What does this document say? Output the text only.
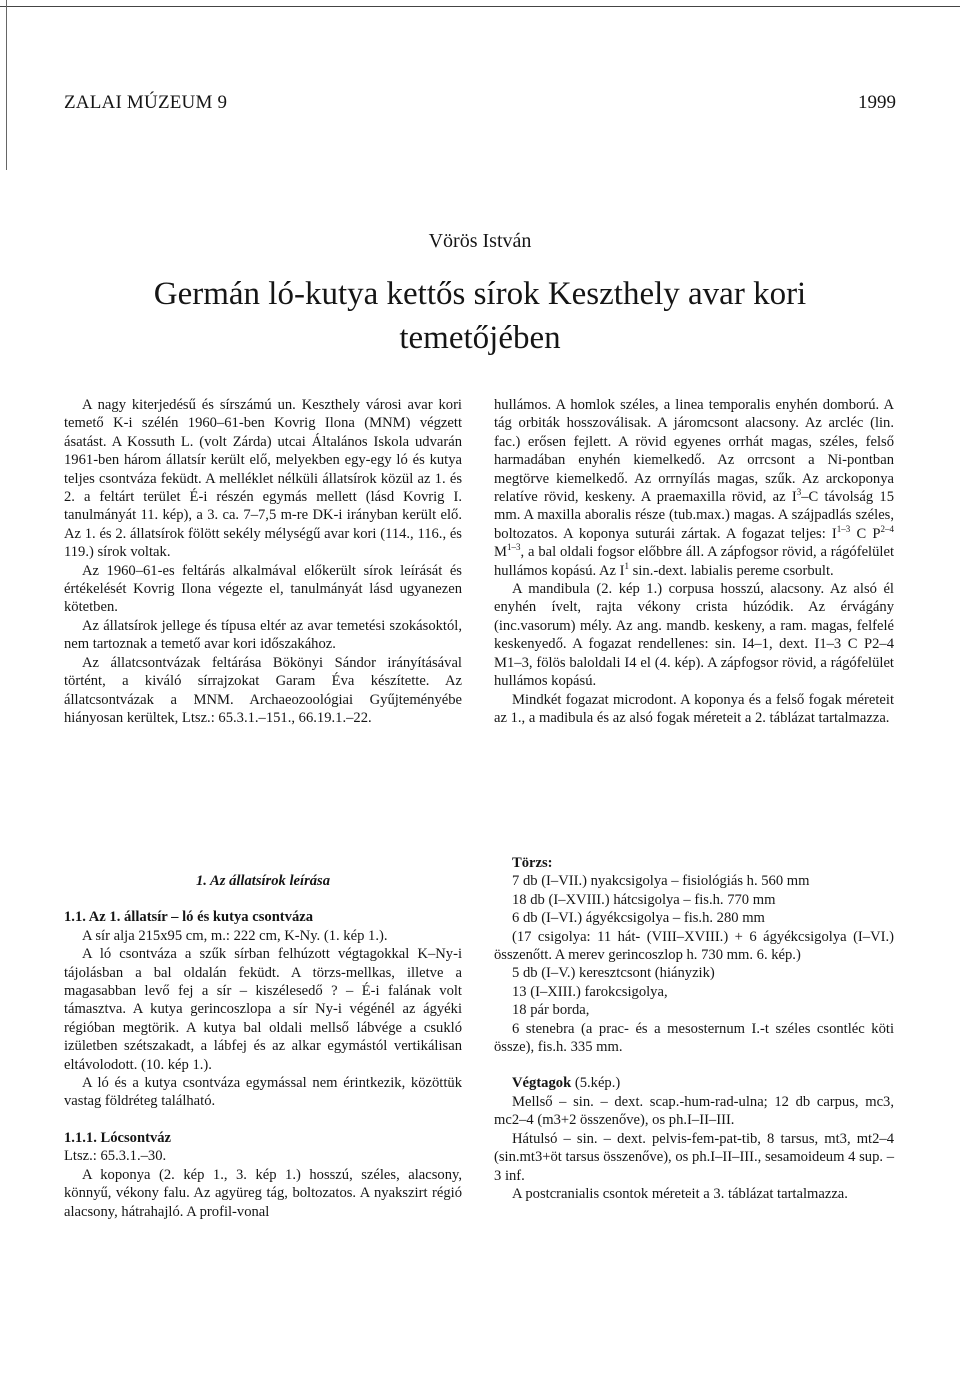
ZALAI MÚZEUM 9	1999
Vörös István
Germán ló-kutya kettős sírok Keszthely avar kori
temetőjében

A nagy kiterjedésű és sírszámú un. Keszthely városi avar kori temető K-i szélén 1960–61-ben Kovrig Ilona (MNM) végzett ásatást. A Kossuth L. (volt Zárda) utcai Általános Iskola udvarán 1961-ben három állatsír került elő, melyekben egy-egy ló és kutya teljes csontváza feküdt. A melléklet nélküli állatsírok közül az 1. és 2. a feltárt terület É-i részén egymás mellett (lásd Kovrig I. tanulmányát 11. kép), a 3. ca. 7–7,5 m-re DK-i irányban került elő. Az 1. és 2. állatsírok fölött sekély mélységű avar kori (114., 116., és 119.) sírok voltak.

Az 1960–61-es feltárás alkalmával előkerült sírok leírását és értékelését Kovrig Ilona végezte el, tanulmányát lásd ugyanezen kötetben.

Az állatsírok jellege és típusa eltér az avar temetési szokásoktól, nem tartoznak a temető avar kori időszakához.

Az állatcsontvázak feltárása Bökönyi Sándor irányításával történt, a kiváló sírrajzokat Garam Éva készítette. Az állatcsontvázak a MNM. Archaeozoológiai Gyűjteményébe hiányosan kerültek, Ltsz.: 65.3.1.–151., 66.19.1.–22.

1. Az állatsírok leírása

1.1. Az 1. állatsír – ló és kutya csontváza

A sír alja 215x95 cm, m.: 222 cm, K-Ny. (1. kép 1.).

A ló csontváza a szűk sírban felhúzott végtagokkal K–Ny-i tájolásban a bal oldalán feküdt. A törzs-mellkas, illetve a magasabban levő fej a sír – kiszélesedő ? – É-i falának volt támasztva. A kutya gerincoszlopa a sír Ny-i végénél az ágyéki régióban megtörik. A kutya bal oldali mellső lábvége a csukló izületben szétszakadt, a lábfej és az alkar egymástól vertikálisan eltávolodott. (10. kép 1.).

A ló és a kutya csontváza egymással nem érintkezik, közöttük vastag földréteg található.

1.1.1. Lócsontváz

Ltsz.: 65.3.1.–30.

A koponya (2. kép 1., 3. kép 1.) hosszú, széles, alacsony, könnyű, vékony falu. Az agyüreg tág, boltozatos. A nyakszirt régió alacsony, hátrahajló. A profil-vonal

hullámos. A homlok széles, a linea temporalis enyhén domború. A tág orbiták hosszoválisak. A járomcsont alacsony. Az arcléc (lin. fac.) erősen fejlett. A rövid egyenes orrhát magas, széles, felső harmadában enyhén kiemelkedő. Az orrcsont a Ni-pontban megtörve kiemelkedő. Az orrnyílás magas, szűk. Az arckoponya relatíve rövid, keskeny. A praemaxilla rövid, az $I^3-C$ távolság 15 mm. A maxilla aboralis része (tub.max.) magas. A szájpadlás széles, boltozatos. A koponya suturái zártak. A fogazat teljes: $I^{1-3}$ C $P^{2-4}$ $M^{1-3}$, a bal oldali fogsor előbbre áll. A zápfogsor rövid, a rágófelület hullámos kopású. Az $I^1$ sin.-dext. labialis pereme csorbult.

A mandibula (2. kép 1.) corpusa hosszú, alacsony. Az alsó él enyhén ívelt, rajta vékony crista húzódik. Az érvágány (inc.vasorum) mély. Az ang. mandb. keskeny, a ram. magas, felfelé keskenyedő. A fogazat rendellenes: sin. I4–1, dext. I1–3 C P2–4 M1–3, fölös baloldali I4 el (4. kép). A zápfogsor rövid, a rágófelület hullámos kopású.

Mindkét fogazat microdont. A koponya és a felső fogak méreteit az 1., a madibula és az alsó fogak méreteit a 2. táblázat tartalmazza.

Törzs:

7 db (I–VII.) nyakcsigolya – fisiológiás h. 560 mm

18 db (I–XVIII.) hátcsigolya – fis.h. 770 mm

6 db (I–VI.) ágyékcsigolya – fis.h. 280 mm

(17 csigolya: 11 hát- (VIII–XVIII.) + 6 ágyékcsigolya (I–VI.) összenőtt. A merev gerincoszlop h. 730 mm. 6. kép.)

5 db (I–V.) keresztcsont (hiányzik)

13 (I–XIII.) farokcsigolya,

18 pár borda,

6 stenebra (a prac- és a mesosternum I.-t széles csontléc köti össze), fis.h. 335 mm.

Végtagok (5.kép.)

Mellső – sin. – dext. scap.-hum-rad-ulna; 12 db carpus, mc3, mc2–4 (m3+2 összenőve), os ph.I–II–III.

Hátulsó – sin. – dext. pelvis-fem-pat-tib, 8 tarsus, mt3, mt2–4 (sin.mt3+öt tarsus összenőve), os ph.I–II–III., sesamoideum 4 sup. – 3 inf.

A postcranialis csontok méreteit a 3. táblázat tartalmazza.
